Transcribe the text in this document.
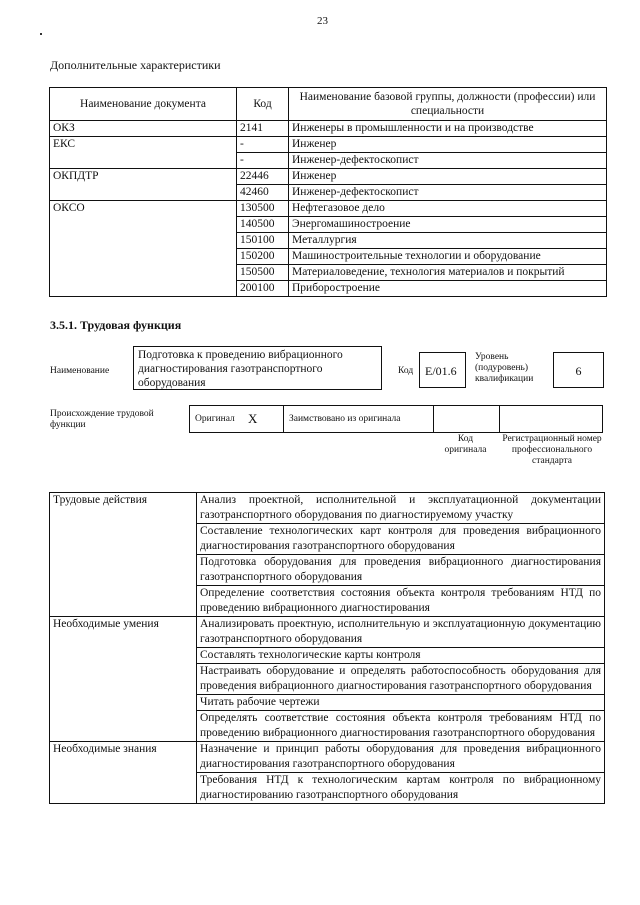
23
Дополнительные характеристики
Наименование документа	Код	Наименование базовой группы, должности (профессии) или специальности
ОКЗ	2141	Инженеры в промышленности и на производстве
ЕКС	-	Инженер
	-	Инженер-дефектоскопист
ОКПДТР	22446	Инженер
	42460	Инженер-дефектоскопист
ОКСО	130500	Нефтегазовое дело
	140500	Энергомашиностроение
	150100	Металлургия
	150200	Машиностроительные технологии и оборудование
	150500	Материаловедение, технология материалов и покрытий
	200100	Приборостроение
3.5.1. Трудовая функция
Наименование
Подготовка к проведению вибрационного диагностирования газотранспортного оборудования
Код E/01.6
Уровень (подуровень) квалификации
6
Происхождение трудовой функции
Оригинал X	Заимствовано из оригинала
Код оригинала
Регистрационный номер профессионального стандарта
Трудовые действия	Анализ проектной, исполнительной и эксплуатационной документации газотранспортного оборудования по диагностируемому участку
	Составление технологических карт контроля для проведения вибрационного диагностирования газотранспортного оборудования
	Подготовка оборудования для проведения вибрационного диагностирования газотранспортного оборудования
	Определение соответствия состояния объекта контроля требованиям НТД по проведению вибрационного диагностирования
Необходимые умения	Анализировать проектную, исполнительную и эксплуатационную документацию газотранспортного оборудования
	Составлять технологические карты контроля
	Настраивать оборудование и определять работоспособность оборудования для проведения вибрационного диагностирования газотранспортного оборудования
	Читать рабочие чертежи
	Определять соответствие состояния объекта контроля требованиям НТД по проведению вибрационного диагностирования газотранспортного оборудования
Необходимые знания	Назначение и принцип работы оборудования для проведения вибрационного диагностирования газотранспортного оборудования
	Требования НТД к технологическим картам контроля по вибрационному диагностированию газотранспортного оборудования
